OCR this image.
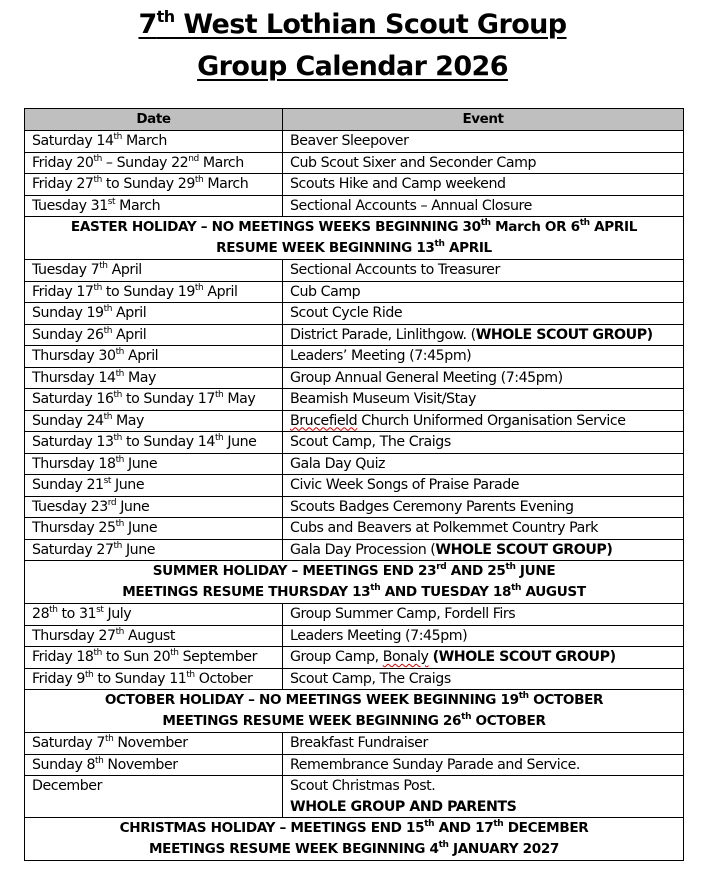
7th West Lothian Scout Group
Group Calendar 2026
Date	Event
Saturday 14th March	Beaver Sleepover
Friday 20th – Sunday 22nd March	Cub Scout Sixer and Seconder Camp
Friday 27th to Sunday 29th March	Scouts Hike and Camp weekend
Tuesday 31st March	Sectional Accounts – Annual Closure

EASTER HOLIDAY – NO MEETINGS WEEKS BEGINNING 30th March OR 6th APRIL
RESUME WEEK BEGINNING 13th APRIL	

Tuesday 7th April	Sectional Accounts to Treasurer
Friday 17th to Sunday 19th April	Cub Camp
Sunday 19th April	Scout Cycle Ride
Sunday 26th April	District Parade, Linlithgow. (WHOLE SCOUT GROUP)
Thursday 30th April	Leaders’ Meeting (7:45pm)
Thursday 14th May	Group Annual General Meeting (7:45pm)
Saturday 16th to Sunday 17th May	Beamish Museum Visit/Stay
Sunday 24th May	Brucefield Church Uniformed Organisation Service
Saturday 13th to Sunday 14th June	Scout Camp, The Craigs
Thursday 18th June	Gala Day Quiz
Sunday 21st June	Civic Week Songs of Praise Parade
Tuesday 23rd June	Scouts Badges Ceremony Parents Evening
Thursday 25th June	Cubs and Beavers at Polkemmet Country Park
Saturday 27th June	Gala Day Procession (WHOLE SCOUT GROUP)

SUMMER HOLIDAY – MEETINGS END 23rd AND 25th JUNE
MEETINGS RESUME THURSDAY 13th AND TUESDAY 18th AUGUST	

28th to 31st July	Group Summer Camp, Fordell Firs
Thursday 27th August	Leaders Meeting (7:45pm)
Friday 18th to Sun 20th September	Group Camp, Bonaly (WHOLE SCOUT GROUP)
Friday 9th to Sunday 11th October	Scout Camp, The Craigs

OCTOBER HOLIDAY – NO MEETINGS WEEK BEGINNING 19th OCTOBER
MEETINGS RESUME WEEK BEGINNING 26th OCTOBER	

Saturday 7th November	Breakfast Fundraiser
Sunday 8th November	Remembrance Sunday Parade and Service.
December	Scout Christmas Post.
WHOLE GROUP AND PARENTS

CHRISTMAS HOLIDAY – MEETINGS END 15th AND 17th DECEMBER
MEETINGS RESUME WEEK BEGINNING 4th JANUARY 2027	
